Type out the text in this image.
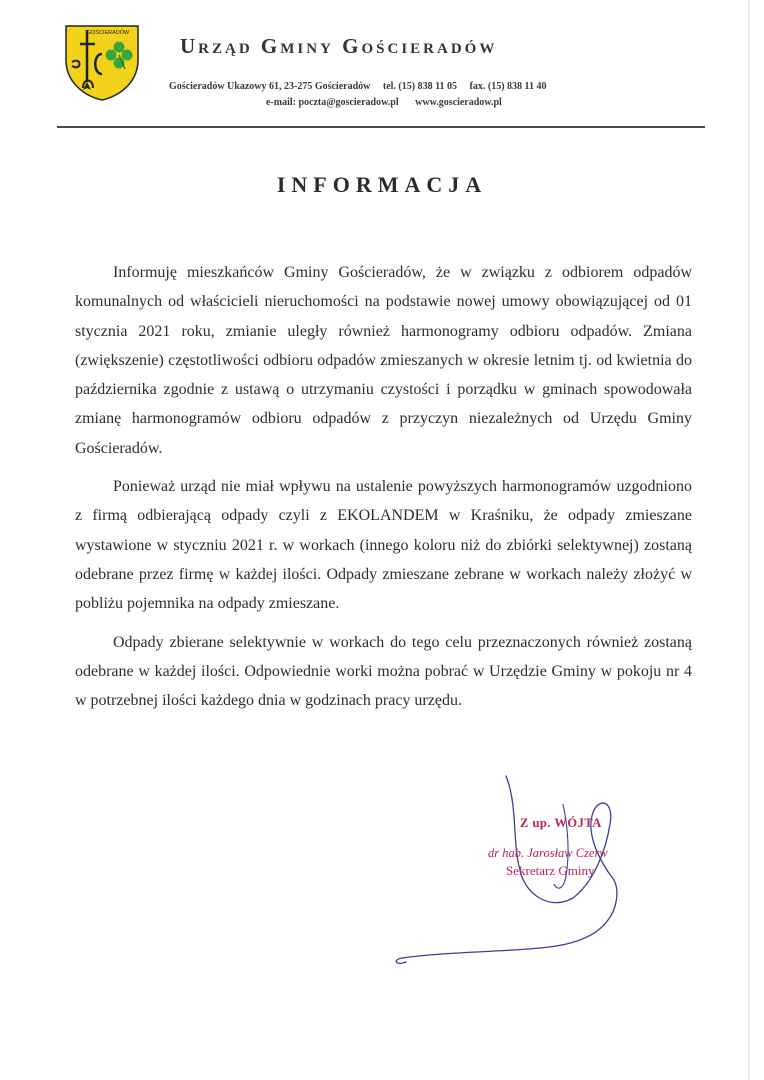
GOŚCIERADÓW
Urząd Gminy Gościeradów
Gościeradów Ukazowy 61, 23-275 Gościeradów tel. (15) 838 11 05 fax. (15) 838 11 40
e-mail: poczta@goscieradow.pl www.goscieradow.pl
INFORMACJA

Informuję mieszkańców Gminy Gościeradów, że w związku z odbiorem odpadów komunalnych od właścicieli nieruchomości na podstawie nowej umowy obowiązującej od 01 stycznia 2021 roku, zmianie uległy również harmonogramy odbioru odpadów. Zmiana (zwiększenie) częstotliwości odbioru odpadów zmieszanych w okresie letnim tj. od kwietnia do października zgodnie z ustawą o utrzymaniu czystości i porządku w gminach spowodowała zmianę harmonogramów odbioru odpadów z przyczyn niezależnych od Urzędu Gminy Gościeradów.

Ponieważ urząd nie miał wpływu na ustalenie powyższych harmonogramów uzgodniono z firmą odbierającą odpady czyli z EKOLANDEM w Kraśniku, że odpady zmieszane wystawione w styczniu 2021 r. w workach (innego koloru niż do zbiórki selektywnej) zostaną odebrane przez firmę w każdej ilości. Odpady zmieszane zebrane w workach należy złożyć w pobliżu pojemnika na odpady zmieszane.

Odpady zbierane selektywnie w workach do tego celu przeznaczonych również zostaną odebrane w każdej ilości. Odpowiednie worki można pobrać w Urzędzie Gminy w pokoju nr 4 w potrzebnej ilości każdego dnia w godzinach pracy urzędu.

Z up. WÓJTA
dr hab. Jarosław Czerw
Sekretarz Gminy
